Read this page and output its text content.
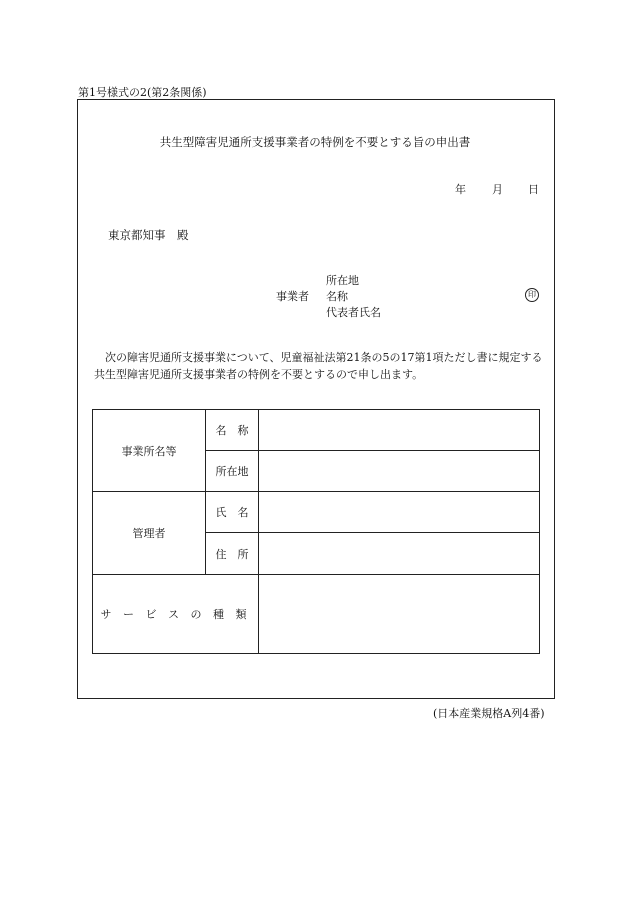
第1号様式の2(第2条関係)
共生型障害児通所支援事業者の特例を不要とする旨の申出書
年 月 日
東京都知事　殿
事業者
所在地
名称
代表者氏名
印
次の障害児通所支援事業について、児童福祉法第21条の5の17第1項ただし書に規定する共生型障害児通所支援事業者の特例を不要とするので申し出ます。
事業所名等
名　称
所在地
管理者
氏　名
住　所
サ ー ビ ス の 種 類
(日本産業規格A列4番)
